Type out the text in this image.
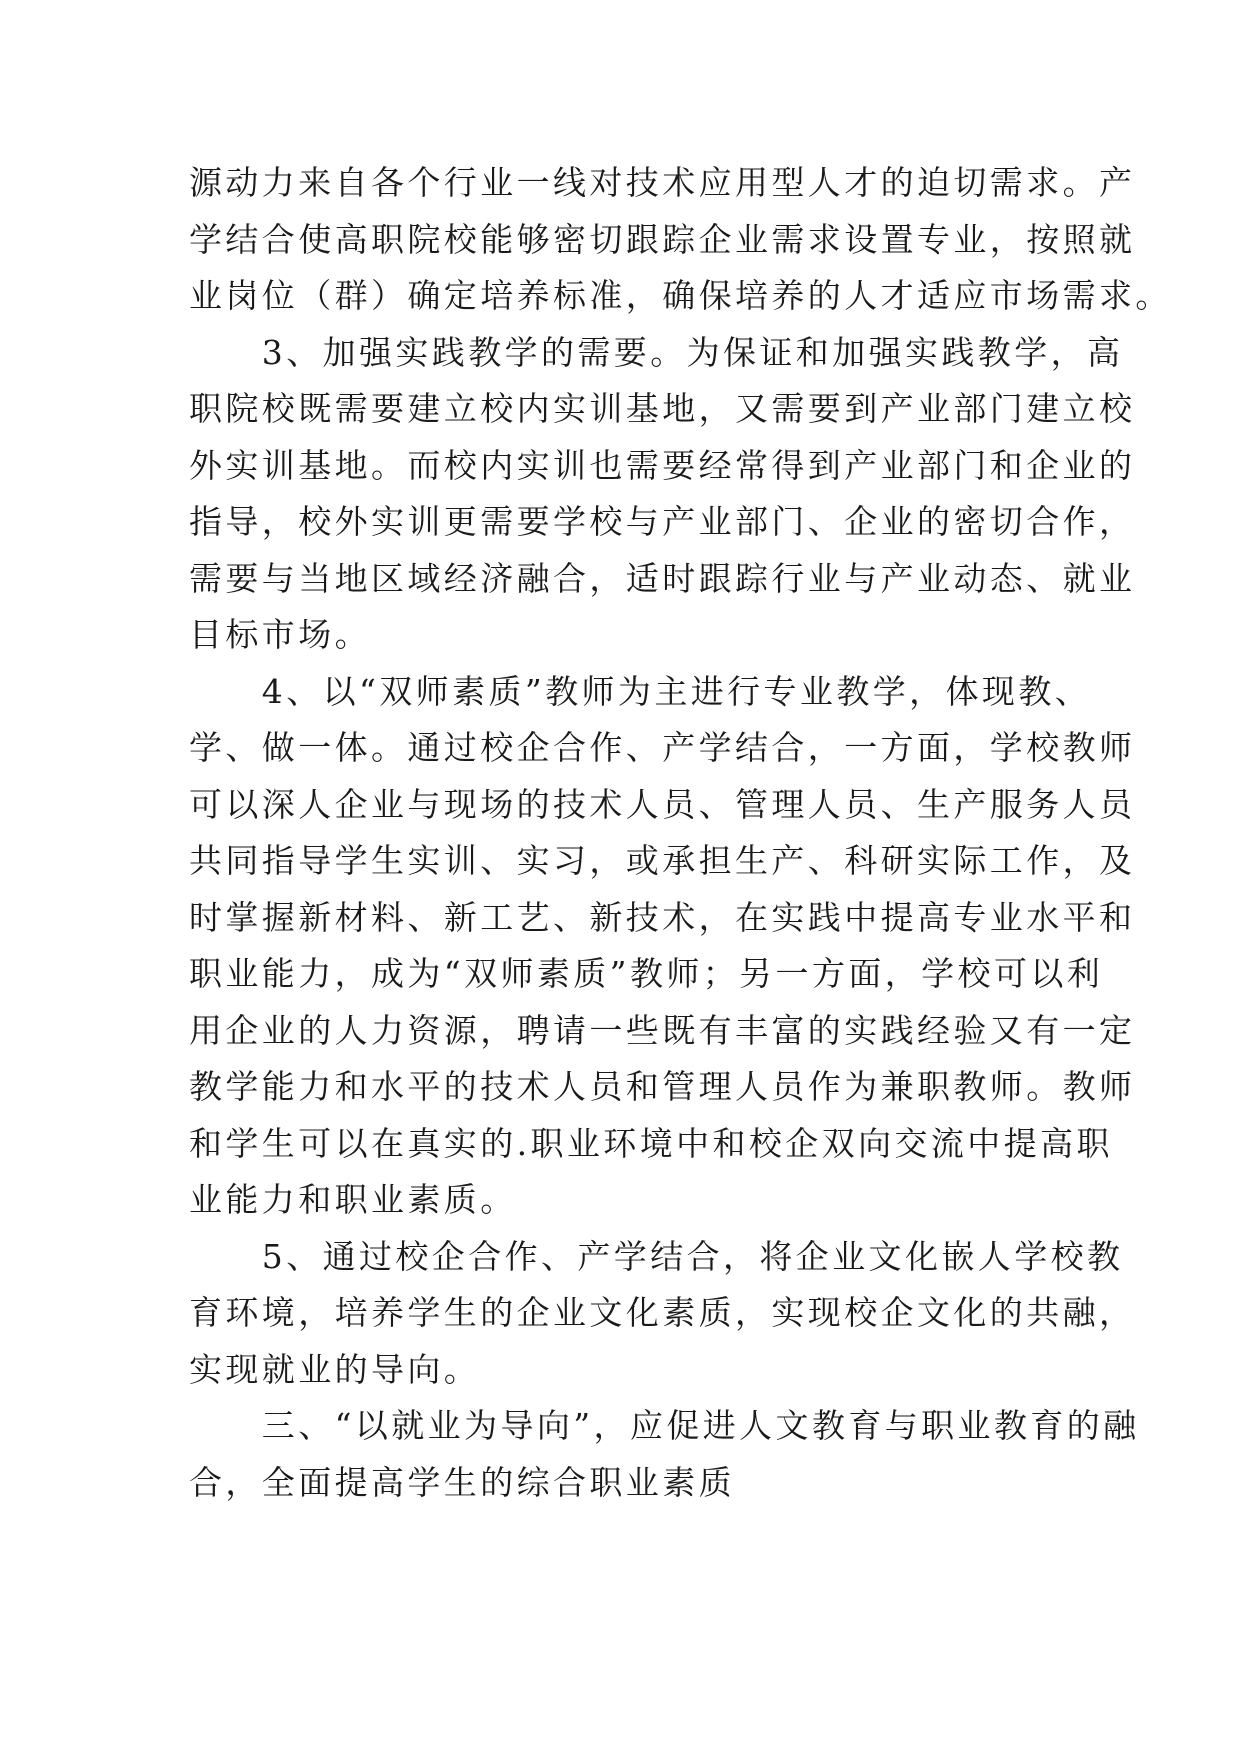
源动力来自各个行业一线对技术应用型人才的迫切需求。产
学结合使高职院校能够密切跟踪企业需求设置专业，按照就
业岗位（群）确定培养标准，确保培养的人才适应市场需求。
　　3、加强实践教学的需要。为保证和加强实践教学，高
职院校既需要建立校内实训基地，又需要到产业部门建立校
外实训基地。而校内实训也需要经常得到产业部门和企业的
指导，校外实训更需要学校与产业部门、企业的密切合作，
需要与当地区域经济融合，适时跟踪行业与产业动态、就业
目标市场。
　　4、以“双师素质”教师为主进行专业教学，体现教、
学、做一体。通过校企合作、产学结合，一方面，学校教师
可以深人企业与现场的技术人员、管理人员、生产服务人员
共同指导学生实训、实习，或承担生产、科研实际工作，及
时掌握新材料、新工艺、新技术，在实践中提高专业水平和
职业能力，成为“双师素质”教师；另一方面，学校可以利
用企业的人力资源，聘请一些既有丰富的实践经验又有一定
教学能力和水平的技术人员和管理人员作为兼职教师。教师
和学生可以在真实的.职业环境中和校企双向交流中提高职
业能力和职业素质。
　　5、通过校企合作、产学结合，将企业文化嵌人学校教
育环境，培养学生的企业文化素质，实现校企文化的共融，
实现就业的导向。
　　三、“以就业为导向”，应促进人文教育与职业教育的融
合，全面提高学生的综合职业素质
